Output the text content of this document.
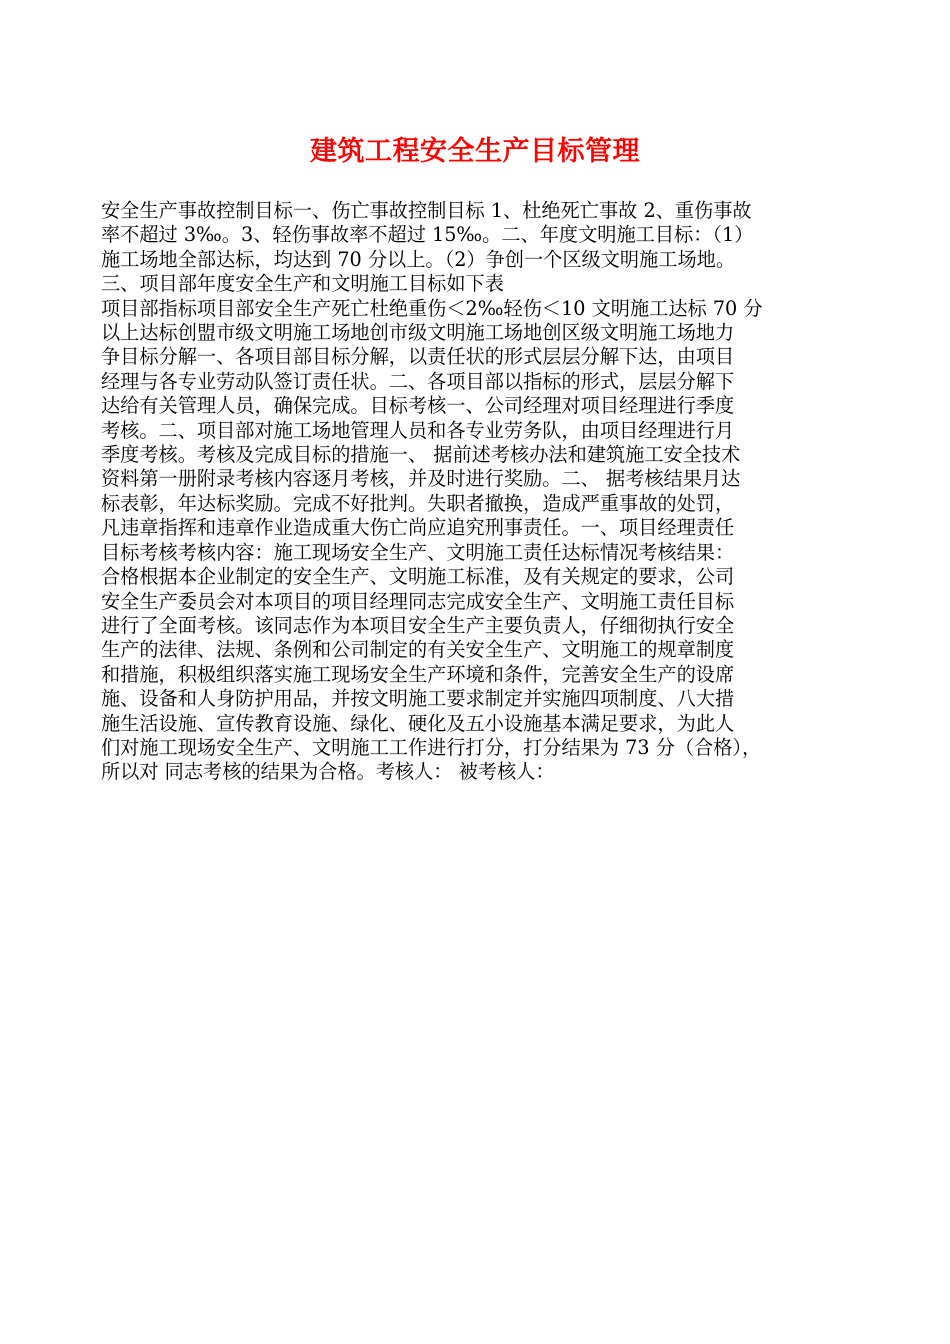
建筑工程安全生产目标管理

安全生产事故控制目标一、伤亡事故控制目标 1、杜绝死亡事故 2、重伤事故

率不超过 3‰。3、轻伤事故率不超过 15‰。二、年度文明施工目标：（1）

施工场地全部达标，均达到 70 分以上。（2）争创一个区级文明施工场地。

三、项目部年度安全生产和文明施工目标如下表

项目部指标项目部安全生产死亡杜绝重伤＜2‰轻伤＜10 文明施工达标 70 分

以上达标创盟市级文明施工场地创市级文明施工场地创区级文明施工场地力

争目标分解一、各项目部目标分解，以责任状的形式层层分解下达，由项目

经理与各专业劳动队签订责任状。二、各项目部以指标的形式，层层分解下

达给有关管理人员，确保完成。目标考核一、公司经理对项目经理进行季度

考核。二、项目部对施工场地管理人员和各专业劳务队，由项目经理进行月

季度考核。考核及完成目标的措施一、 据前述考核办法和建筑施工安全技术

资料第一册附录考核内容逐月考核，并及时进行奖励。二、 据考核结果月达

标表彰，年达标奖励。完成不好批判。失职者撤换，造成严重事故的处罚，

凡违章指挥和违章作业造成重大伤亡尚应追究刑事责任。一、项目经理责任

目标考核考核内容：施工现场安全生产、文明施工责任达标情况考核结果：

合格根据本企业制定的安全生产、文明施工标准，及有关规定的要求，公司

安全生产委员会对本项目的项目经理同志完成安全生产、文明施工责任目标

进行了全面考核。该同志作为本项目安全生产主要负责人，仔细彻执行安全

生产的法律、法规、条例和公司制定的有关安全生产、文明施工的规章制度

和措施，积极组织落实施工现场安全生产环境和条件，完善安全生产的设席

施、设备和人身防护用品，并按文明施工要求制定并实施四项制度、八大措

施生活设施、宣传教育设施、绿化、硬化及五小设施基本满足要求，为此人

们对施工现场安全生产、文明施工工作进行打分，打分结果为 73 分（合格），

所以对 同志考核的结果为合格。考核人： 被考核人：
